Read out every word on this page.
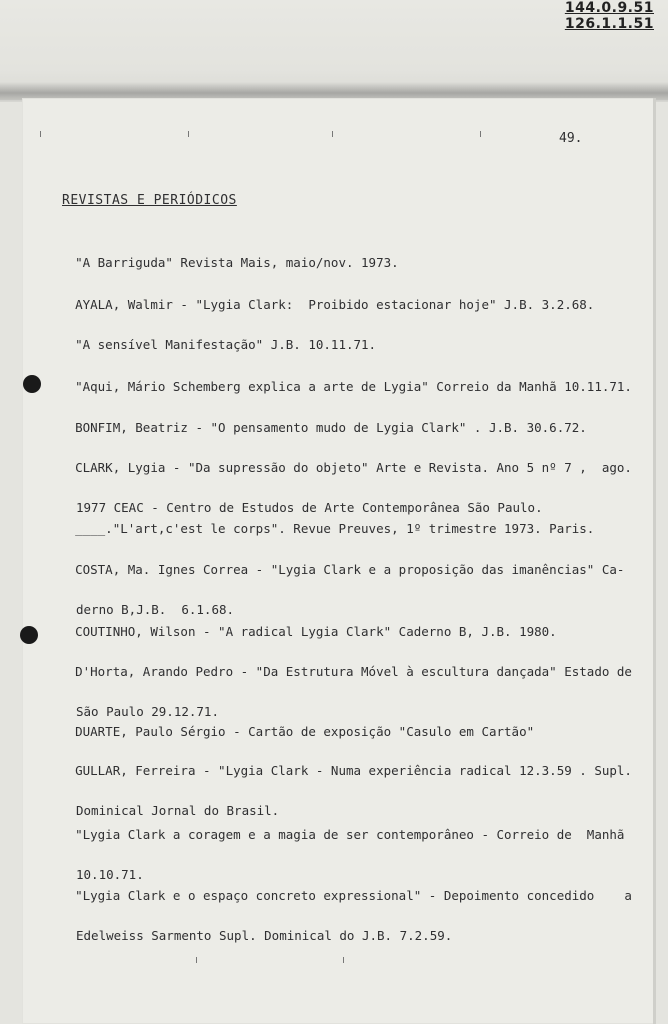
144.0.9.51
126.1.1.51
49.
REVISTAS E PERIÓDICOS

"A Barriguda" Revista Mais, maio/nov. 1973.

AYALA, Walmir - "Lygia Clark:  Proibido estacionar hoje" J.B. 3.2.68.

"A sensível Manifestação" J.B. 10.11.71.

"Aqui, Mário Schemberg explica a arte de Lygia" Correio da Manhã 10.11.71.

BONFIM, Beatriz - "O pensamento mudo de Lygia Clark" . J.B. 30.6.72.

CLARK, Lygia - "Da supressão do objeto" Arte e Revista. Ano 5 nº 7 ,  ago.

1977 CEAC - Centro de Estudos de Arte Contemporânea São Paulo.

____."L'art,c'est le corps". Revue Preuves, 1º trimestre 1973. Paris.

COSTA, Ma. Ignes Correa - "Lygia Clark e a proposição das imanências" Ca-

derno B,J.B.  6.1.68.

COUTINHO, Wilson - "A radical Lygia Clark" Caderno B, J.B. 1980.

D'Horta, Arando Pedro - "Da Estrutura Móvel à escultura dançada" Estado de

São Paulo 29.12.71.

DUARTE, Paulo Sérgio - Cartão de exposição "Casulo em Cartão"

GULLAR, Ferreira - "Lygia Clark - Numa experiência radical 12.3.59 . Supl.

Dominical Jornal do Brasil.

"Lygia Clark a coragem e a magia de ser contemporâneo - Correio de  Manhã

10.10.71.

"Lygia Clark e o espaço concreto expressional" - Depoimento concedido    a

Edelweiss Sarmento Supl. Dominical do J.B. 7.2.59.
